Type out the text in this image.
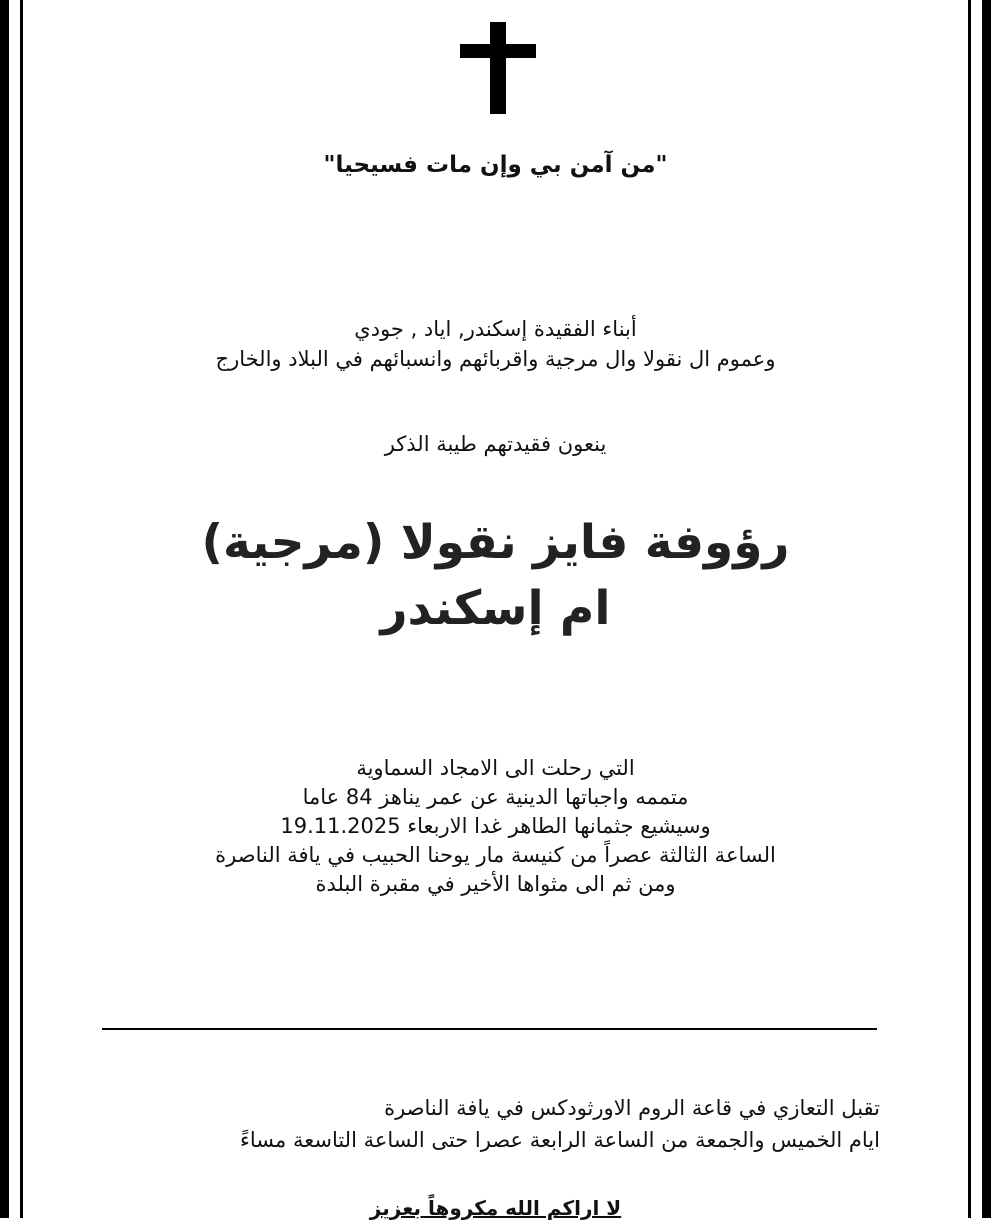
"من آمن بي وإن مات فسيحيا"
أبناء الفقيدة إسكندر, اياد , جودي
وعموم ال نقولا وال مرجية واقربائهم وانسبائهم في البلاد والخارج
ينعون فقيدتهم طيبة الذكر
رؤوفة فايز نقولا (مرجية)
ام إسكندر
التي رحلت الى الامجاد السماوية
متممه واجباتها الدينية عن عمر يناهز 84 عاما
وسيشيع جثمانها الطاهر غدا الاربعاء 19.11.2025
الساعة الثالثة عصراً من كنيسة مار يوحنا الحبيب في يافة الناصرة
ومن ثم الى مثواها الأخير في مقبرة البلدة
تقبل التعازي في قاعة الروم الاورثودكس في يافة الناصرة
ايام الخميس والجمعة من الساعة الرابعة عصرا حتى الساعة التاسعة مساءً
لا اراكم الله مكروهاً بعزيز
